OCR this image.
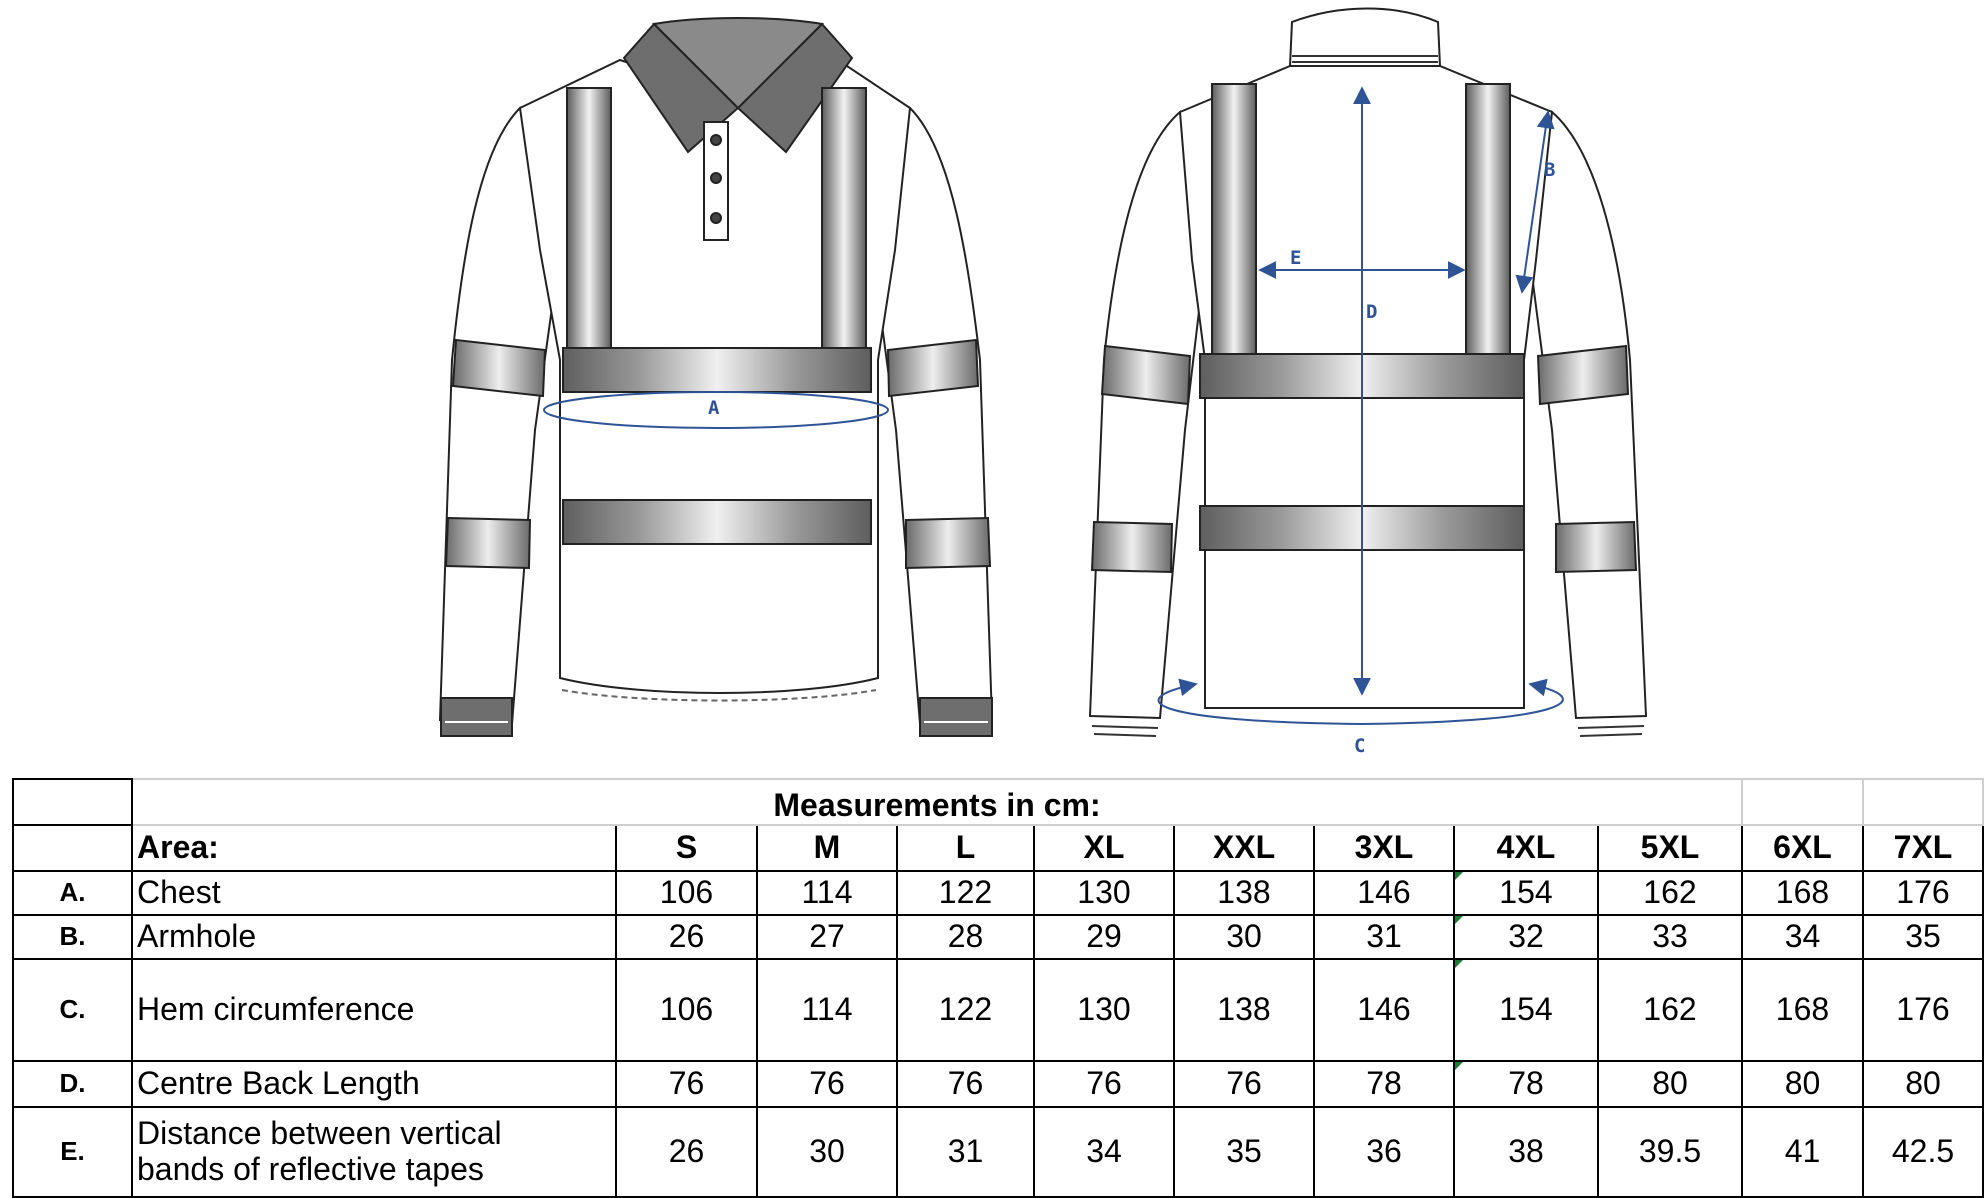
A
D
E
B
C
	Measurements in cm:										
	Area:	S	M	L	XL	XXL	3XL	4XL	5XL	6XL	7XL
A.	Chest	106	114	122	130	138	146	154	162	168	176
B.	Armhole	26	27	28	29	30	31	32	33	34	35
C.	Hem circumference	106	114	122	130	138	146	154	162	168	176
D.	Centre Back Length	76	76	76	76	76	78	78	80	80	80
E.	Distance between vertical
bands of reflective tapes	26	30	31	34	35	36	38	39.5	41	42.5
